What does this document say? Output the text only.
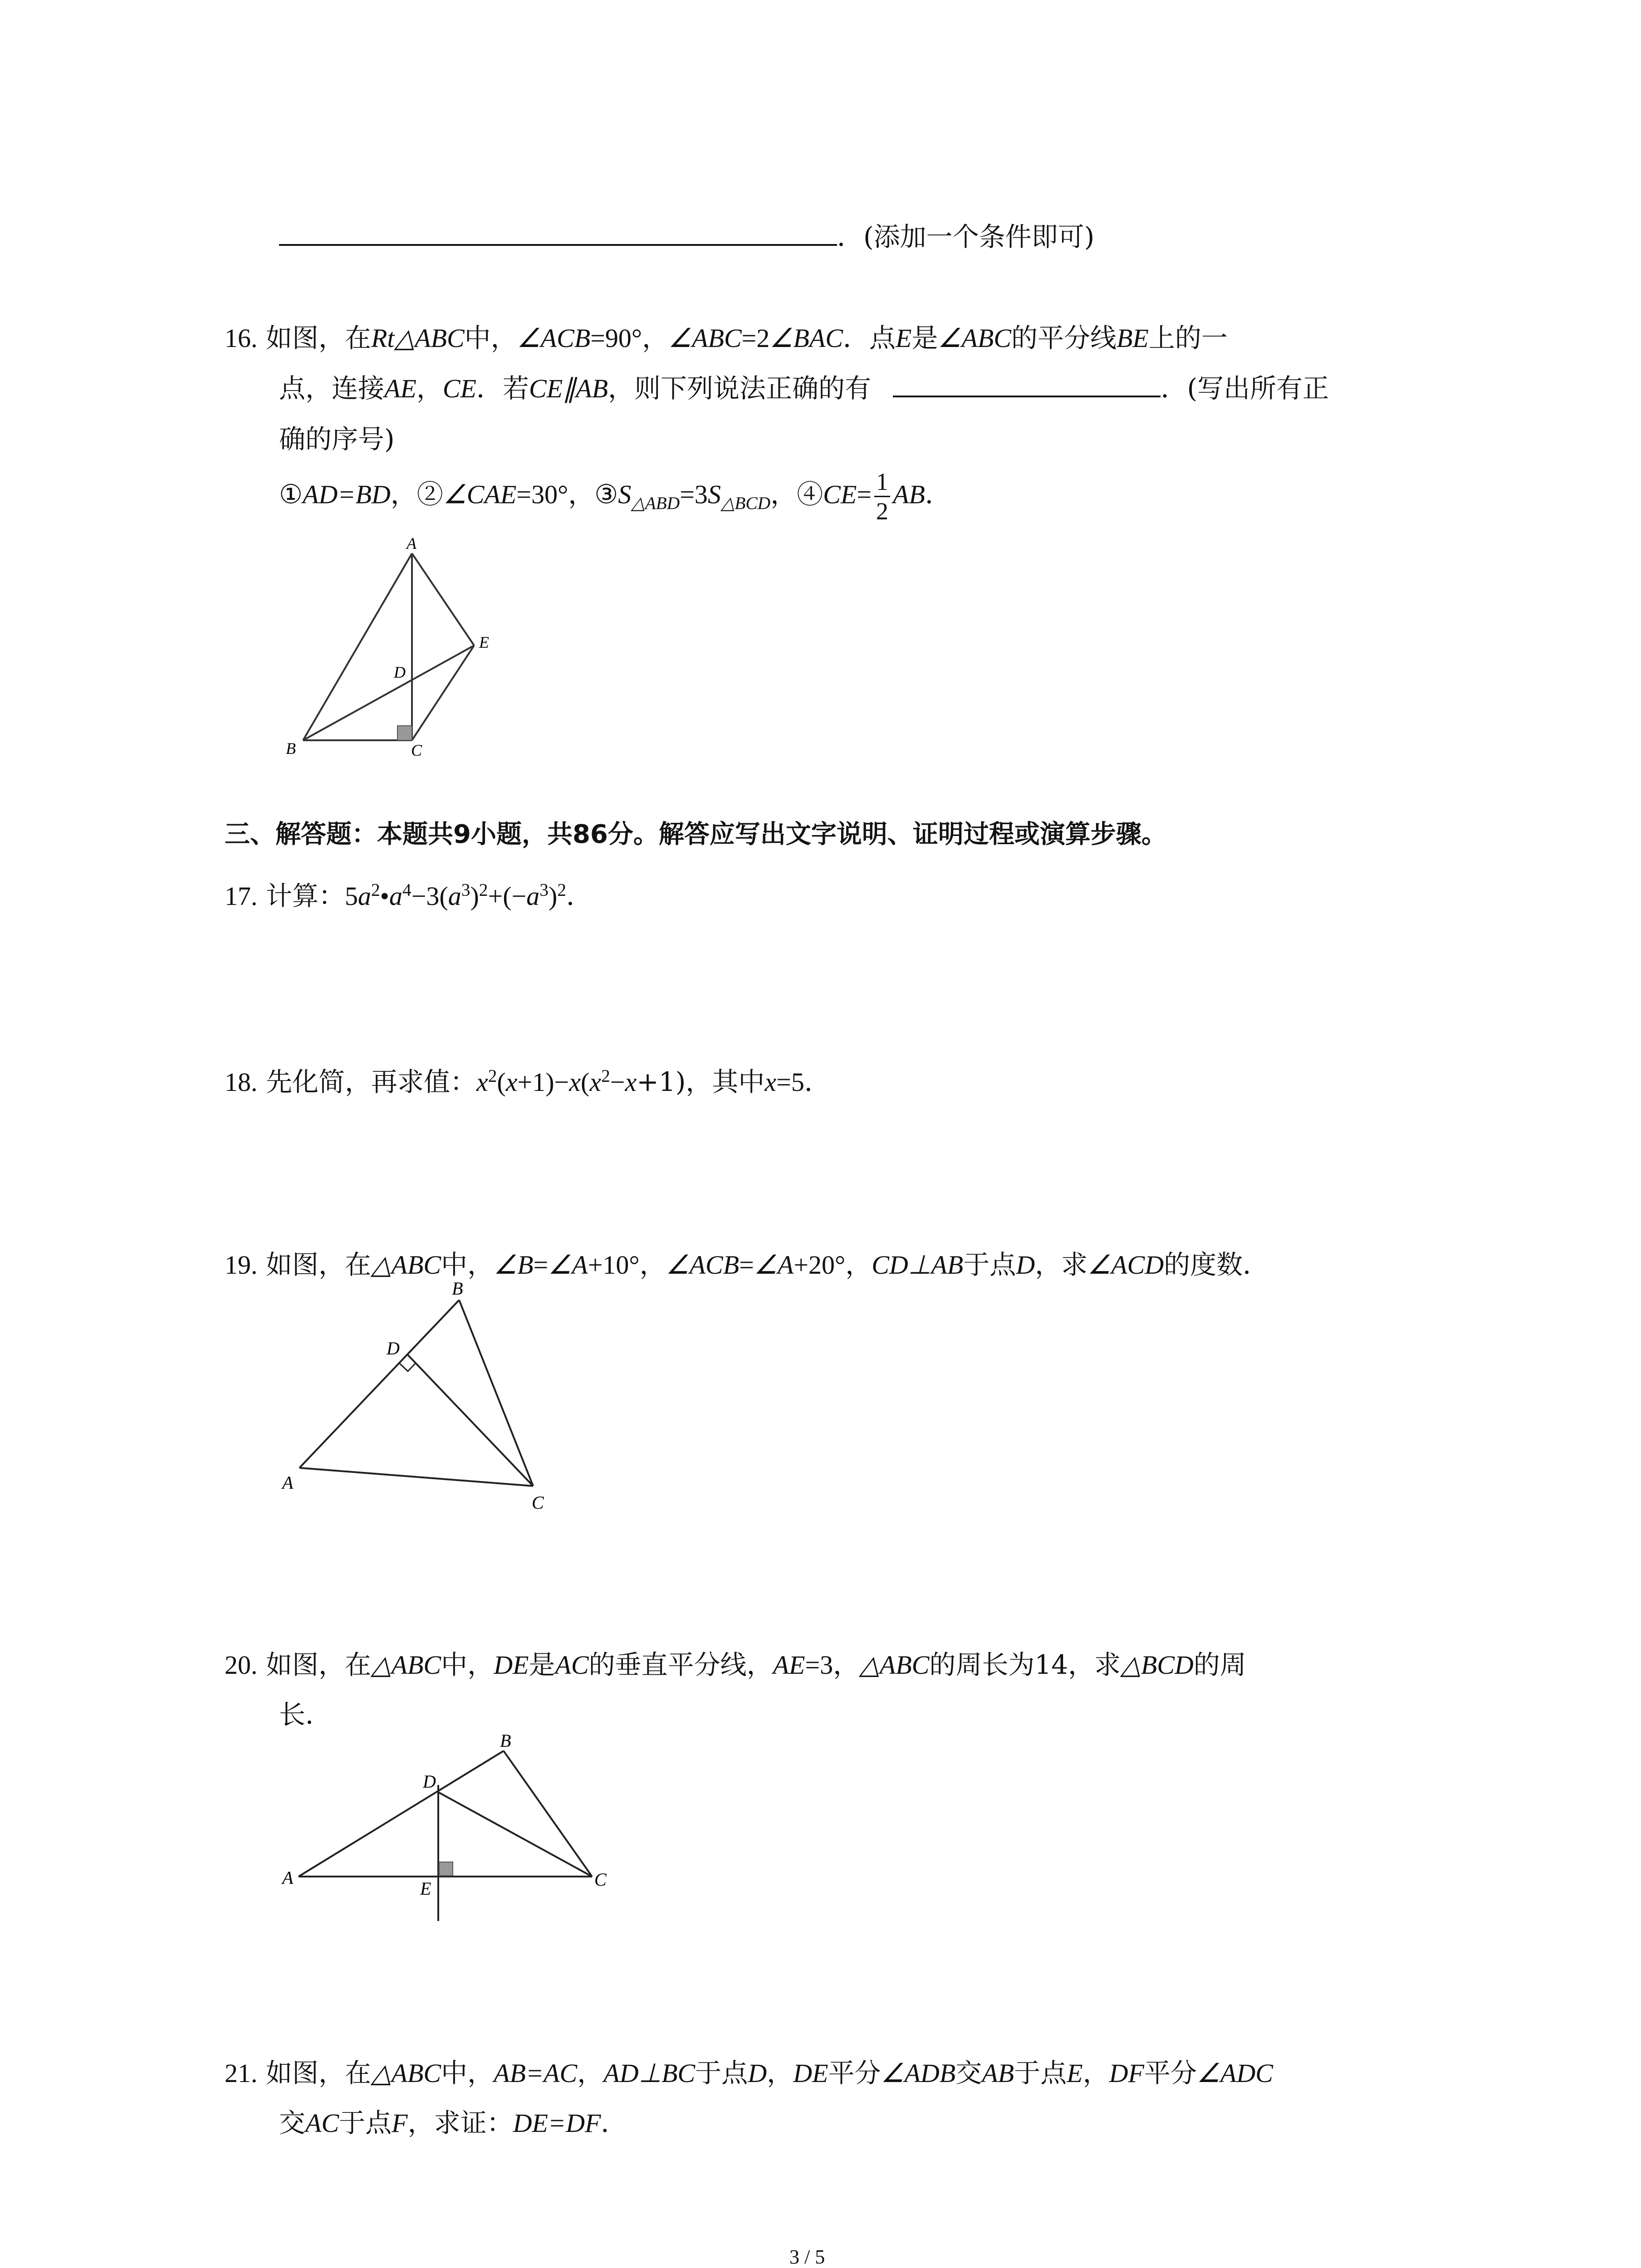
．(添加一个条件即可)
16. 如图，在Rt△ABC中，∠ACB=90°，∠ABC=2∠BAC．点E是∠ABC的平分线BE上的一
点，连接AE，CE．若CE∥AB，则下列说法正确的有	．(写出所有正
确的序号)
①AD=BD，②∠CAE=30°，$③S_{\triangle ABD}=3S_{\triangle BCD}$，④CE= $\frac{1}{2}$ AB．
A
B	C
D
E
三、解答题：本题共9小题，共86分。解答应写出文字说明、证明过程或演算步骤。
17. 计算：$5a^2•a^4-3(a^3)^2+(-a^3)^2$．
18. 先化简，再求值：$x^2(x+1)-x(x^2-x+1)$，其中x=5．
19. 如图，在△ABC中，∠B=∠A+10°，∠ACB=∠A+20°，CD⊥AB于点D，求∠ACD的度数．
A
B
C
D
20. 如图，在△ABC中，DE是AC的垂直平分线，AE=3，△ABC的周长为14，求△BCD的周
长．
A
B
C
D
E
21. 如图，在△ABC中，AB=AC，AD⊥BC于点D，DE平分∠ADB交AB于点E，DF平分∠ADC
交AC于点F，求证：DE=DF．
3 / 5
